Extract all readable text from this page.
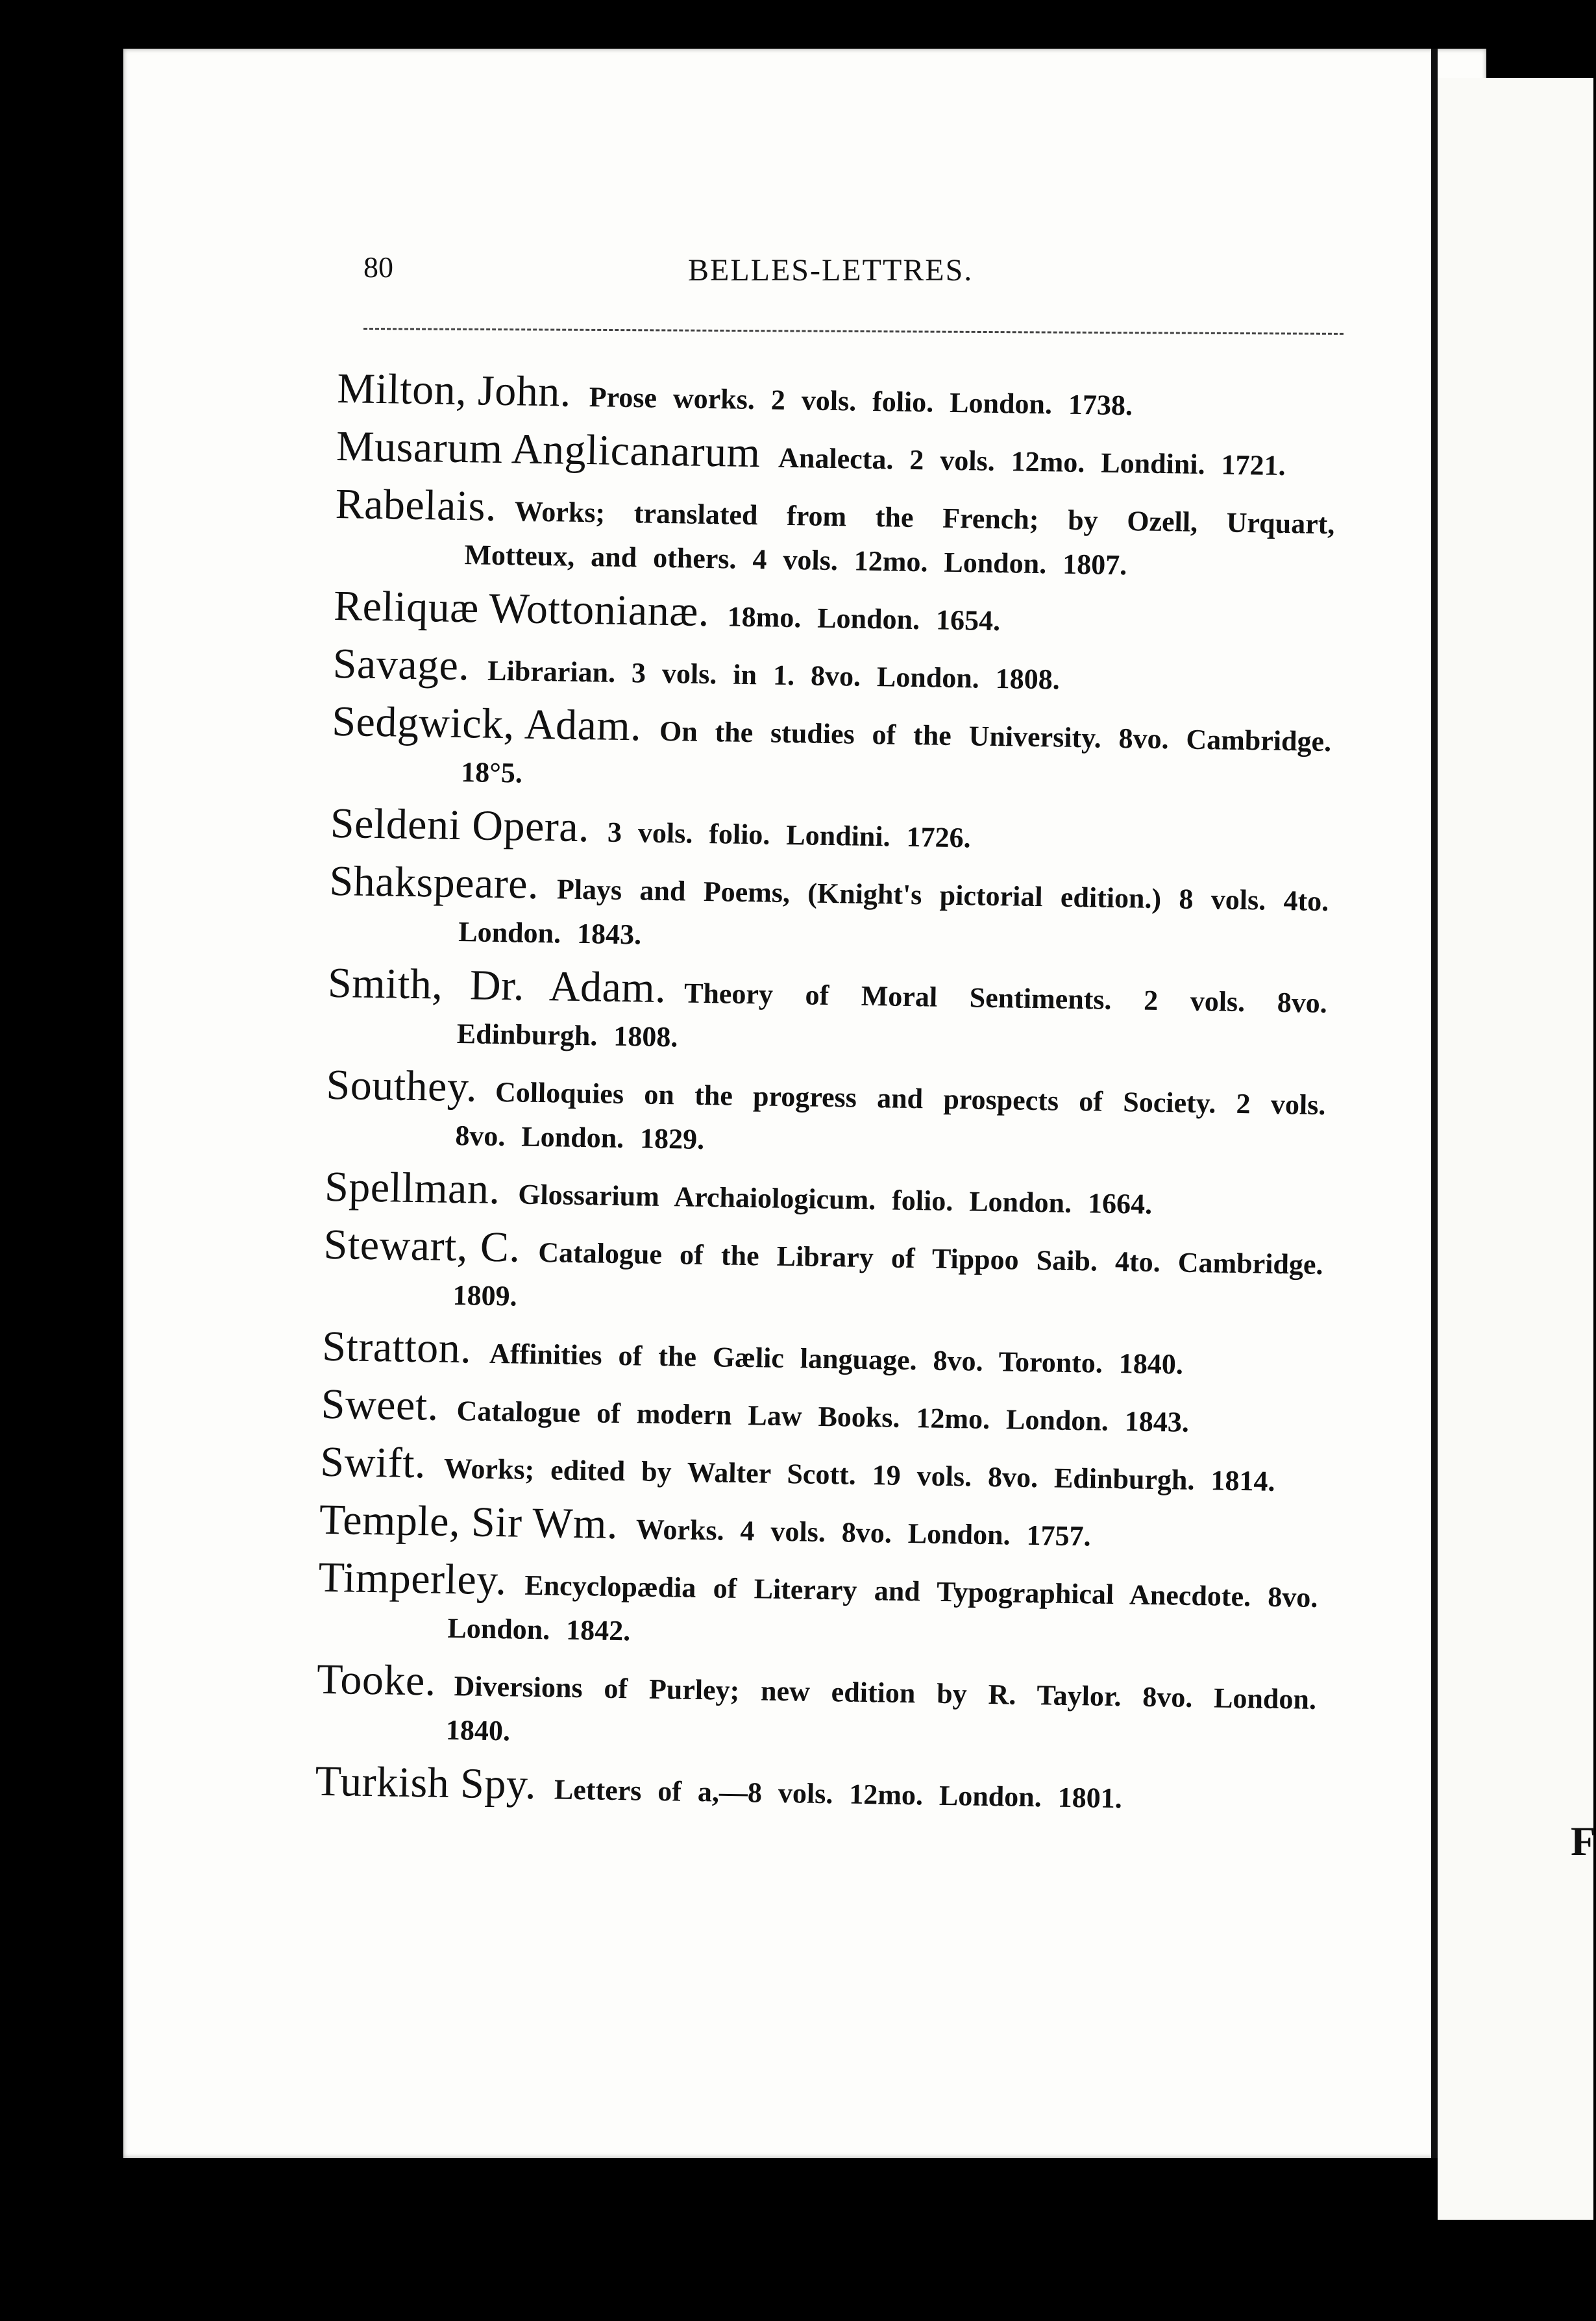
F
80	BELLES-LETTRES.
Milton, John. Prose works. 2 vols. folio. London. 1738.
Musarum Anglicanarum Analecta. 2 vols. 12mo. Londini. 1721.
Rabelais. Works; translated from the French; by Ozell, Urquart, Motteux, and others. 4 vols. 12mo. London. 1807.
Reliquæ Wottonianæ. 18mo. London. 1654.
Savage. Librarian. 3 vols. in 1. 8vo. London. 1808.
Sedgwick, Adam. On the studies of the University. 8vo. Cambridge. 18°5.
Seldeni Opera. 3 vols. folio. Londini. 1726.
Shakspeare. Plays and Poems, (Knight's pictorial edition.) 8 vols. 4to. London. 1843.
Smith, Dr. Adam. Theory of Moral Sentiments. 2 vols. 8vo. Edinburgh. 1808.
Southey. Colloquies on the progress and prospects of Society. 2 vols. 8vo. London. 1829.
Spellman. Glossarium Archaiologicum. folio. London. 1664.
Stewart, C. Catalogue of the Library of Tippoo Saib. 4to. Cambridge. 1809.
Stratton. Affinities of the Gælic language. 8vo. Toronto. 1840.
Sweet. Catalogue of modern Law Books. 12mo. London. 1843.
Swift. Works; edited by Walter Scott. 19 vols. 8vo. Edinburgh. 1814.
Temple, Sir Wm. Works. 4 vols. 8vo. London. 1757.
Timperley. Encyclopædia of Literary and Typographical Anecdote. 8vo. London. 1842.
Tooke. Diversions of Purley; new edition by R. Taylor. 8vo. London. 1840.
Turkish Spy. Letters of a,—8 vols. 12mo. London. 1801.
